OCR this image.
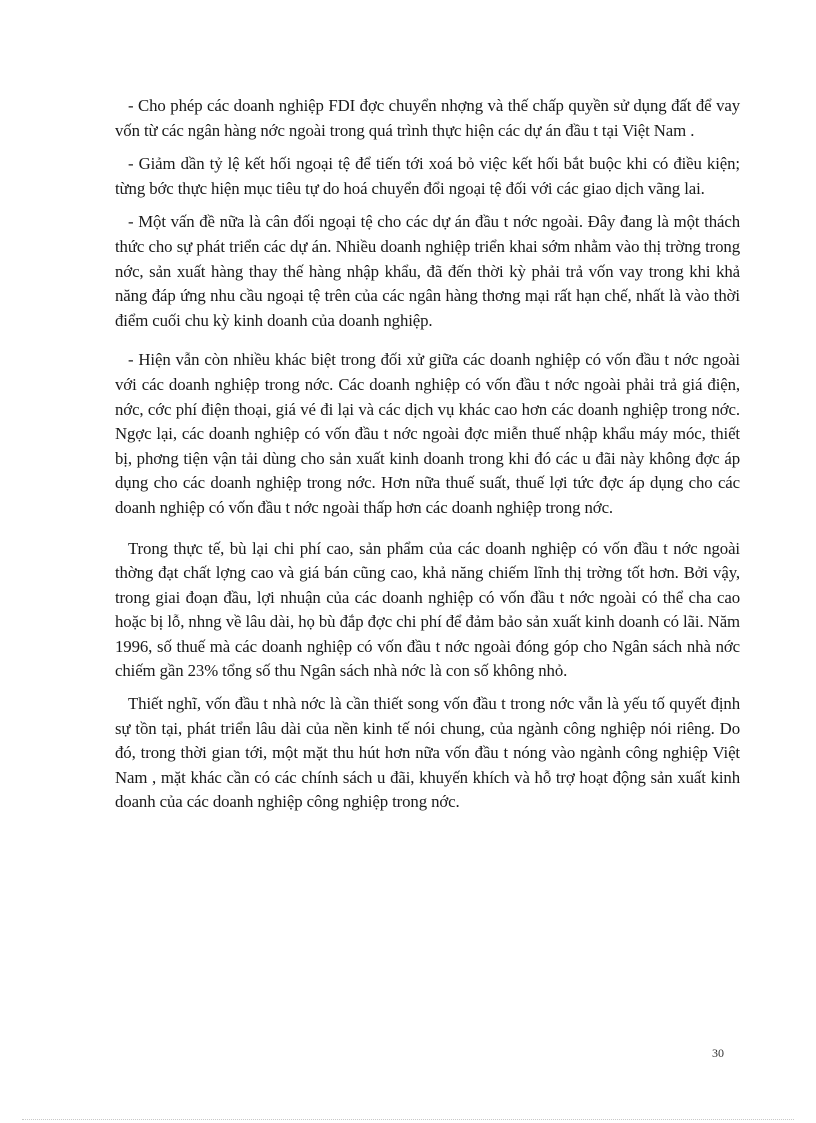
- Cho phép các doanh nghiệp FDI đợc chuyển nhợng và thế chấp quyền sử dụng đất để vay vốn từ các ngân hàng nớc ngoài trong quá trình thực hiện các dự án đầu t tại Việt Nam .

- Giảm dần tỷ lệ kết hối ngoại tệ để tiến tới xoá bỏ việc kết hối bắt buộc khi có điều kiện; từng bớc thực hiện mục tiêu tự do hoá chuyển đổi ngoại tệ đối với các giao dịch vãng lai.

- Một vấn đề nữa là cân đối ngoại tệ cho các dự án đầu t nớc ngoài. Đây đang là một thách thức cho sự phát triển các dự án. Nhiều doanh nghiệp triển khai sớm nhằm vào thị trờng trong nớc, sản xuất hàng thay thế hàng nhập khẩu, đã đến thời kỳ phải trả vốn vay trong khi khả năng đáp ứng nhu cầu ngoại tệ trên của các ngân hàng thơng mại rất hạn chế, nhất là vào thời điểm cuối chu kỳ kinh doanh của doanh nghiệp.

- Hiện vẫn còn nhiều khác biệt trong đối xử giữa các doanh nghiệp có vốn đầu t nớc ngoài với các doanh nghiệp trong nớc. Các doanh nghiệp có vốn đầu t nớc ngoài phải trả giá điện, nớc, cớc phí điện thoại, giá vé đi lại và các dịch vụ khác cao hơn các doanh nghiệp trong nớc. Ngợc lại, các doanh nghiệp có vốn đầu t nớc ngoài đợc miễn thuế nhập khẩu máy móc, thiết bị, phơng tiện vận tải dùng cho sản xuất kinh doanh trong khi đó các u đãi này không đợc áp dụng cho các doanh nghiệp trong nớc. Hơn nữa thuế suất, thuế lợi tức đợc áp dụng cho các doanh nghiệp có vốn đầu t nớc ngoài thấp hơn các doanh nghiệp trong nớc.

Trong thực tế, bù lại chi phí cao, sản phẩm của các doanh nghiệp có vốn đầu t nớc ngoài thờng đạt chất lợng cao và giá bán cũng cao, khả năng chiếm lĩnh thị trờng tốt hơn. Bởi vậy, trong giai đoạn đầu, lợi nhuận của các doanh nghiệp có vốn đầu t nớc ngoài có thể cha cao hoặc bị lỗ, nhng về lâu dài, họ bù đắp đợc chi phí để đảm bảo sản xuất kinh doanh có lãi. Năm 1996, số thuế mà các doanh nghiệp có vốn đầu t nớc ngoài đóng góp cho Ngân sách nhà nớc chiếm gần 23% tổng số thu Ngân sách nhà nớc là con số không nhỏ.

Thiết nghĩ, vốn đầu t nhà nớc là cần thiết song vốn đầu t trong nớc vẫn là yếu tố quyết định sự tồn tại, phát triển lâu dài của nền kinh tế nói chung, của ngành công nghiệp nói riêng. Do đó, trong thời gian tới, một mặt thu hút hơn nữa vốn đầu t nóng vào ngành công nghiệp Việt Nam , mặt khác cần có các chính sách u đãi, khuyến khích và hỗ trợ hoạt động sản xuất kinh doanh của các doanh nghiệp công nghiệp trong nớc.

30
